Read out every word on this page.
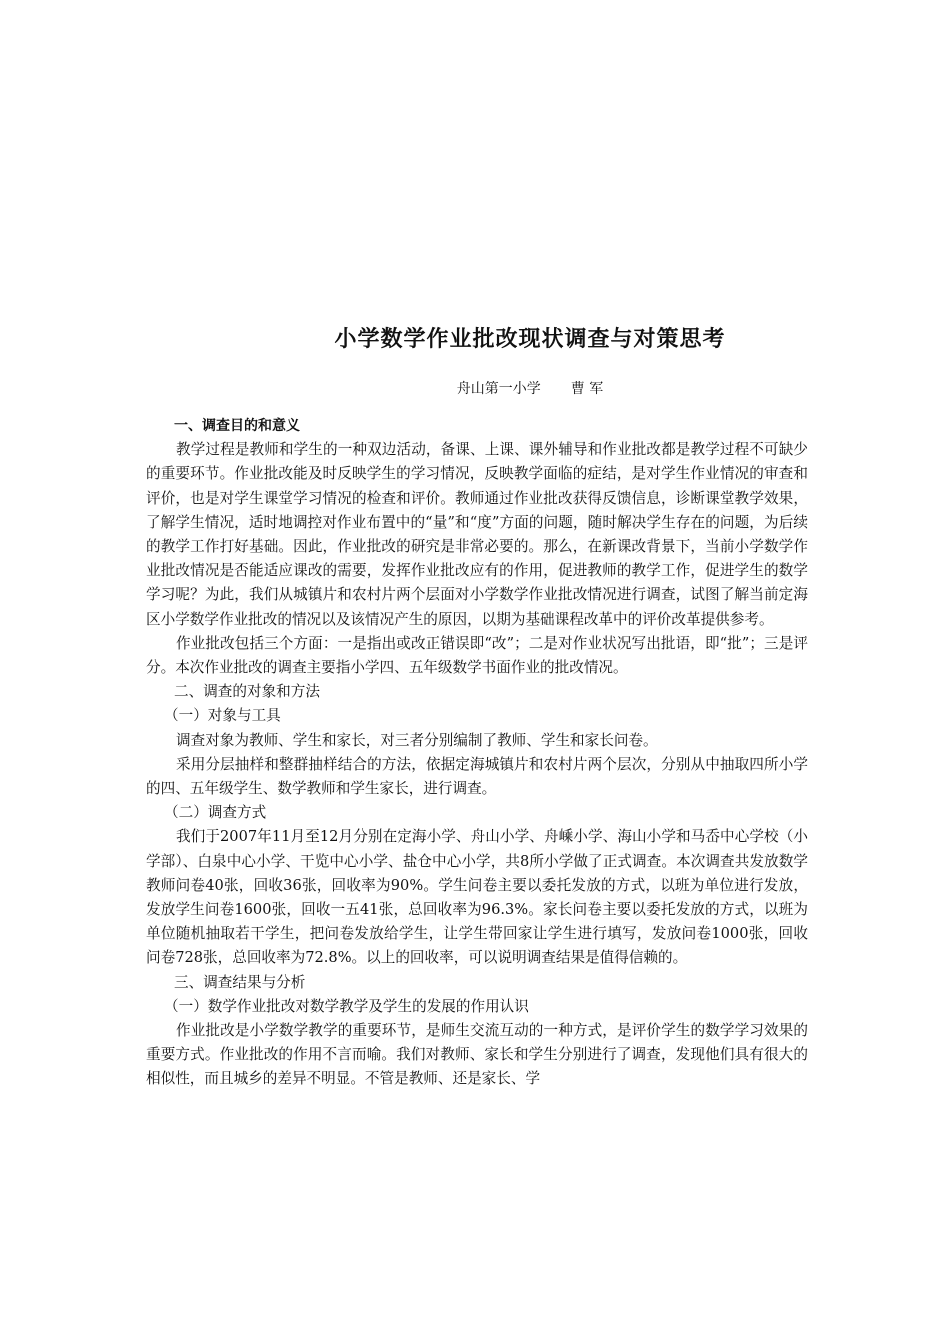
小学数学作业批改现状调查与对策思考
舟山第一小学 曹 军

一、调查目的和意义

教学过程是教师和学生的一种双边活动，备课、上课、课外辅导和作业批改都是教学过程不可缺少的重要环节。作业批改能及时反映学生的学习情况，反映教学面临的症结，是对学生作业情况的审查和评价，也是对学生课堂学习情况的检查和评价。教师通过作业批改获得反馈信息，诊断课堂教学效果，了解学生情况，适时地调控对作业布置中的“量”和“度”方面的问题，随时解决学生存在的问题，为后续的教学工作打好基础。因此，作业批改的研究是非常必要的。那么，在新课改背景下，当前小学数学作业批改情况是否能适应课改的需要，发挥作业批改应有的作用，促进教师的教学工作，促进学生的数学学习呢？为此，我们从城镇片和农村片两个层面对小学数学作业批改情况进行调查，试图了解当前定海区小学数学作业批改的情况以及该情况产生的原因，以期为基础课程改革中的评价改革提供参考。

作业批改包括三个方面：一是指出或改正错误即“改”；二是对作业状况写出批语，即“批”；三是评分。本次作业批改的调查主要指小学四、五年级数学书面作业的批改情况。

二、调查的对象和方法

（一）对象与工具

调查对象为教师、学生和家长，对三者分别编制了教师、学生和家长问卷。

采用分层抽样和整群抽样结合的方法，依据定海城镇片和农村片两个层次，分别从中抽取四所小学的四、五年级学生、数学教师和学生家长，进行调查。

（二）调查方式

我们于2007年11月至12月分别在定海小学、舟山小学、舟嵊小学、海山小学和马岙中心学校（小学部）、白泉中心小学、干览中心小学、盐仓中心小学，共8所小学做了正式调查。本次调查共发放数学教师问卷40张，回收36张，回收率为90%。学生问卷主要以委托发放的方式，以班为单位进行发放，发放学生问卷1600张，回收一五41张，总回收率为96.3%。家长问卷主要以委托发放的方式，以班为单位随机抽取若干学生，把问卷发放给学生，让学生带回家让学生进行填写，发放问卷1000张，回收问卷728张，总回收率为72.8%。以上的回收率，可以说明调查结果是值得信赖的。

三、调查结果与分析

（一）数学作业批改对数学教学及学生的发展的作用认识

作业批改是小学数学教学的重要环节，是师生交流互动的一种方式，是评价学生的数学学习效果的重要方式。作业批改的作用不言而喻。我们对教师、家长和学生分别进行了调查，发现他们具有很大的相似性，而且城乡的差异不明显。不管是教师、还是家长、学
